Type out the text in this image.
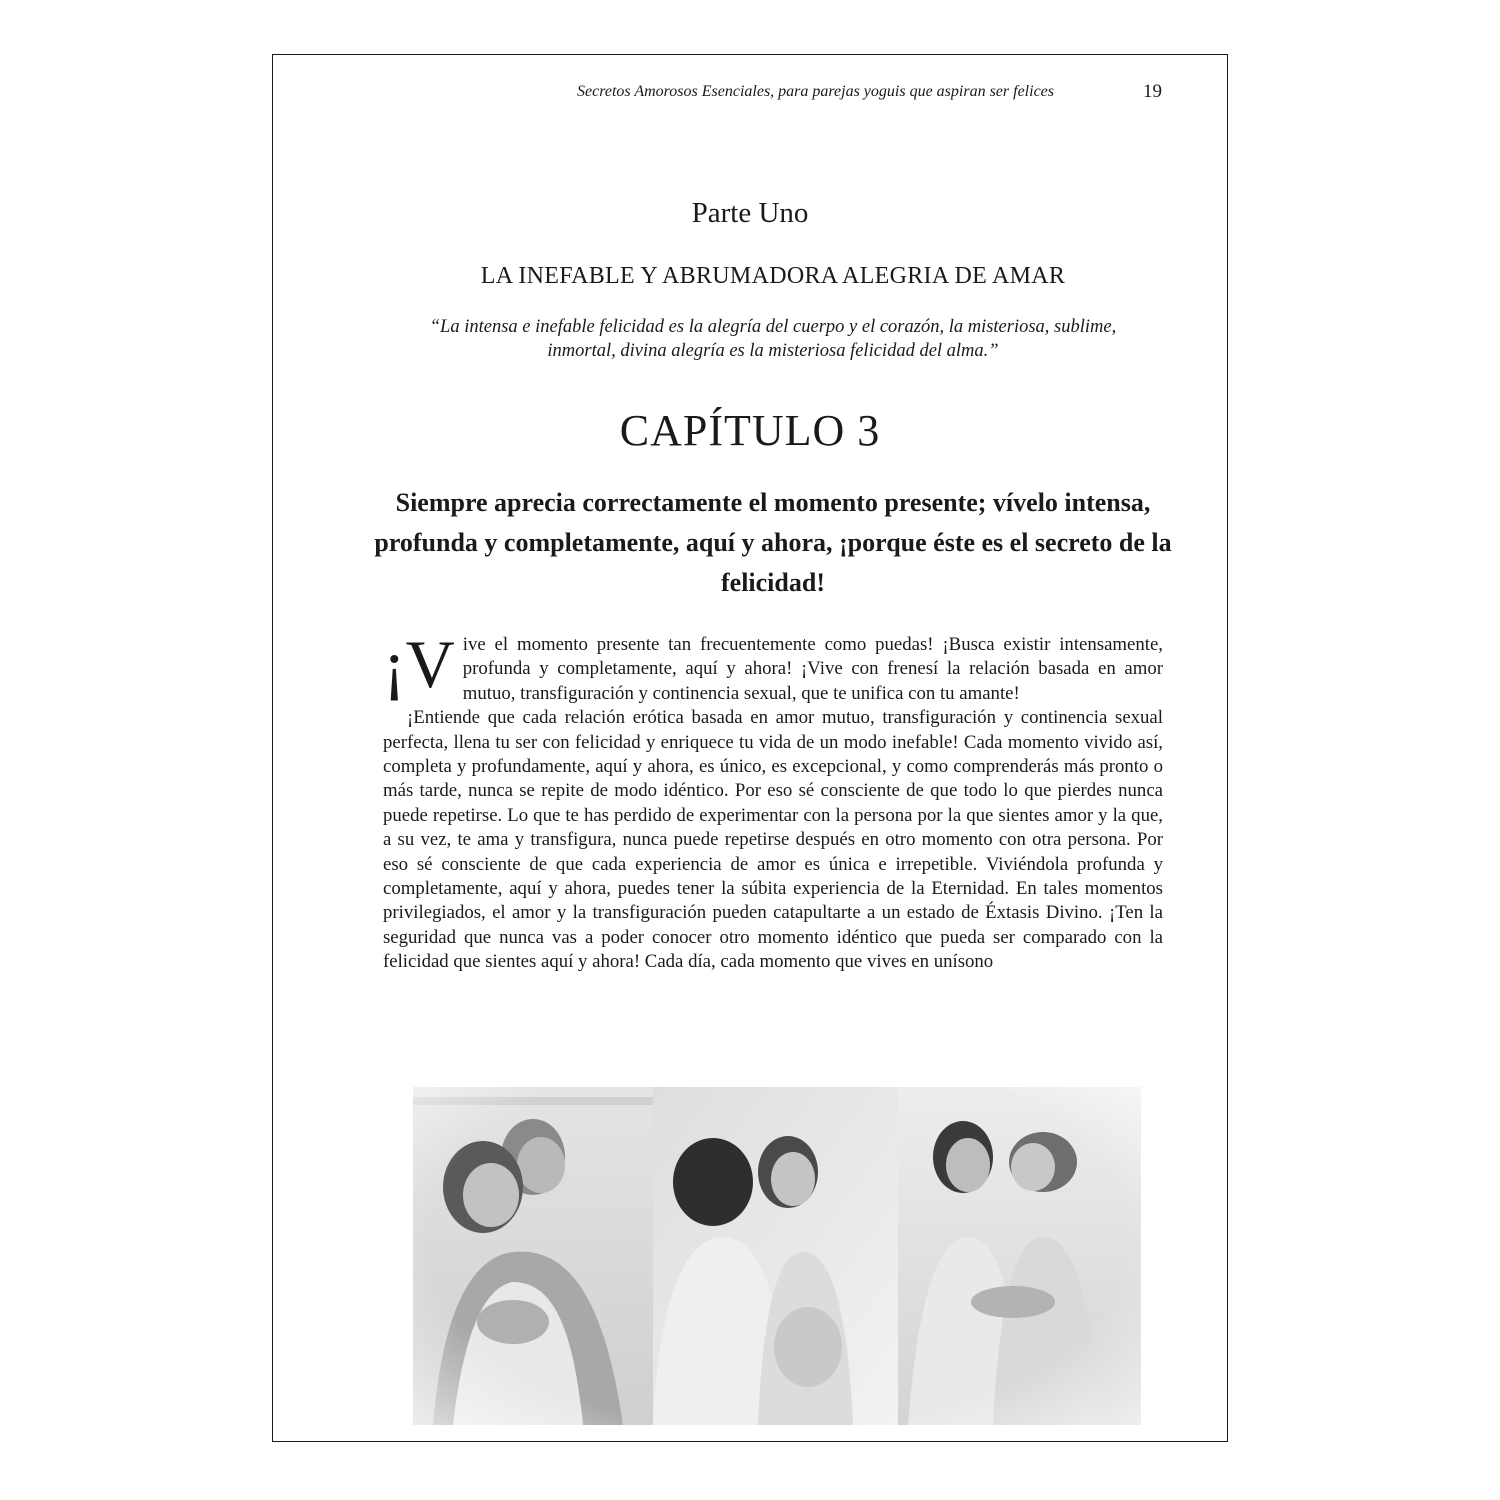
Secretos Amorosos Esenciales, para parejas yoguis que aspiran ser felices	19
Parte Uno
LA INEFABLE Y ABRUMADORA ALEGRIA DE AMAR
“La intensa e inefable felicidad es la alegría del cuerpo y el corazón, la misteriosa, sublime, inmortal, divina alegría es la misteriosa felicidad del alma.”
CAPÍTULO 3
Siempre aprecia correctamente el momento presente; vívelo intensa, profunda y completamente, aquí y ahora, ¡porque éste es el secreto de la felicidad!

¡V ive el momento presente tan frecuentemente como puedas! ¡Busca existir intensamente, profunda y completamente, aquí y ahora! ¡Vive con frenesí la relación basada en amor mutuo, transfiguración y continencia sexual, que te unifica con tu amante!

¡Entiende que cada relación erótica basada en amor mutuo, transfiguración y continencia sexual perfecta, llena tu ser con felicidad y enriquece tu vida de un modo inefable! Cada momento vivido así, completa y profundamente, aquí y ahora, es único, es excepcional, y como comprenderás más pronto o más tarde, nunca se repite de modo idéntico. Por eso sé consciente de que todo lo que pierdes nunca puede repetirse. Lo que te has perdido de experimentar con la persona por la que sientes amor y la que, a su vez, te ama y transfigura, nunca puede repetirse después en otro momento con otra persona. Por eso sé consciente de que cada experiencia de amor es única e irrepetible. Viviéndola profunda y completamente, aquí y ahora, puedes tener la súbita experiencia de la Eternidad. En tales momentos privilegiados, el amor y la transfiguración pueden catapultarte a un estado de Éxtasis Divino. ¡Ten la seguridad que nunca vas a poder conocer otro momento idéntico que pueda ser comparado con la felicidad que sientes aquí y ahora! Cada día, cada momento que vives en unísono
